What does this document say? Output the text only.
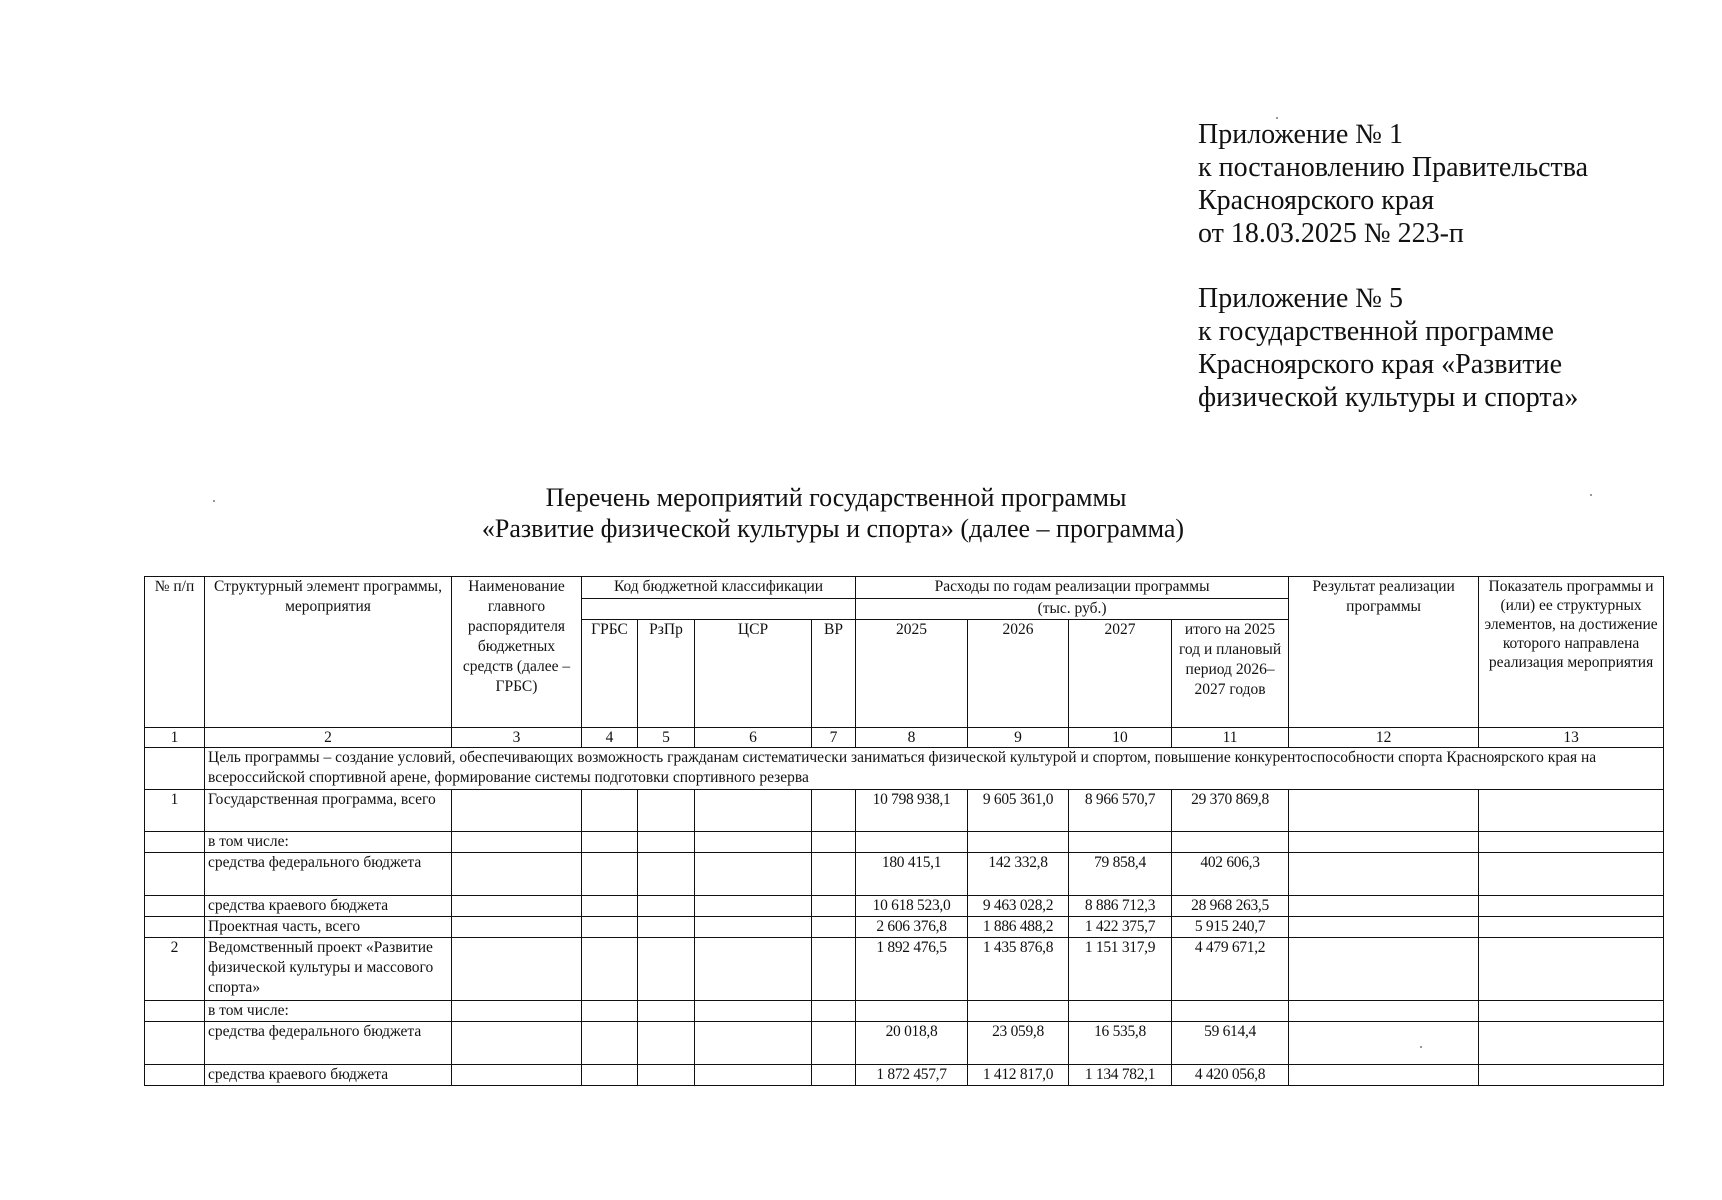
Приложение № 1
к постановлению Правительства
Красноярского края
от 18.03.2025 № 223-п
Приложение № 5
к государственной программе
Красноярского края «Развитие
физической культуры и спорта»
Перечень мероприятий государственной программы
«Развитие физической культуры и спорта» (далее – программа)
№ п/п	Структурный элемент программы, мероприятия	Наименование главного распорядителя бюджетных средств (далее – ГРБС)	Код бюджетной классификации				Расходы по годам реализации программы				Результат реализации программы	Показатель программы и (или) ее структурных элементов, на достижение которого направлена реализация мероприятия
							(тыс. руб.)					
			ГРБС	РзПр	ЦСР	ВР	2025	2026	2027	итого на 2025 год и плановый период 2026–2027 годов		
1	2	3	4	5	6	7	8	9	10	11	12	13
	Цель программы – создание условий, обеспечивающих возможность гражданам систематически заниматься физической культурой и спортом, повышение конкурентоспособности спорта Красноярского края на всероссийской спортивной арене, формирование системы подготовки спортивного резерва											
1	Государственная программа, всего						10 798 938,1	9 605 361,0	8 966 570,7	29 370 869,8		
	в том числе:											
	средства федерального бюджета						180 415,1	142 332,8	79 858,4	402 606,3		
	средства краевого бюджета						10 618 523,0	9 463 028,2	8 886 712,3	28 968 263,5		
	Проектная часть, всего						2 606 376,8	1 886 488,2	1 422 375,7	5 915 240,7		
2	Ведомственный проект «Развитие физической культуры и массового спорта»						1 892 476,5	1 435 876,8	1 151 317,9	4 479 671,2		
	в том числе:											
	средства федерального бюджета						20 018,8	23 059,8	16 535,8	59 614,4		
	средства краевого бюджета						1 872 457,7	1 412 817,0	1 134 782,1	4 420 056,8		
